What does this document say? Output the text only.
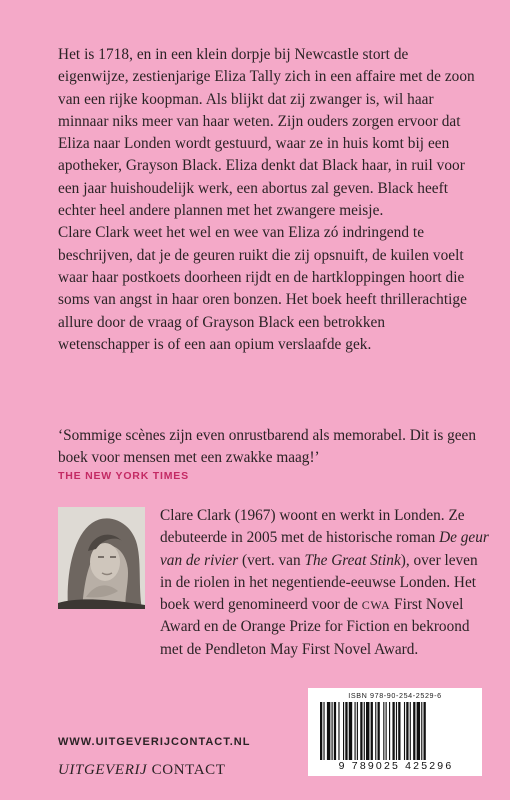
Het is 1718, en in een klein dorpje bij Newcastle stort de eigenwijze, zestienjarige Eliza Tally zich in een affaire met de zoon van een rijke koopman. Als blijkt dat zij zwanger is, wil haar minnaar niks meer van haar weten. Zijn ouders zorgen ervoor dat Eliza naar Londen wordt gestuurd, waar ze in huis komt bij een apotheker, Grayson Black. Eliza denkt dat Black haar, in ruil voor een jaar huishoudelijk werk, een abortus zal geven. Black heeft echter heel andere plannen met het zwangere meisje.

Clare Clark weet het wel en wee van Eliza zó indringend te beschrijven, dat je de geuren ruikt die zij opsnuift, de kuilen voelt waar haar postkoets doorheen rijdt en de hartkloppingen hoort die soms van angst in haar oren bonzen. Het boek heeft thrillerachtige allure door de vraag of Grayson Black een betrokken wetenschapper is of een aan opium verslaafde gek.

‘Sommige scènes zijn even onrustbarend als memorabel. Dit is geen boek voor mensen met een zwakke maag!’

THE NEW YORK TIMES

Clare Clark (1967) woont en werkt in Londen. Ze debuteerde in 2005 met de historische roman De geur van de rivier (vert. van The Great Stink), over leven in de riolen in het negentiende-eeuwse Londen. Het boek werd genomineerd voor de CWA First Novel Award en de Orange Prize for Fiction en bekroond met de Pendleton May First Novel Award.

ISBN 978-90-254-2529-6
9 789025 425296
WWW.UITGEVERIJCONTACT.NL
UITGEVERIJ CONTACT
